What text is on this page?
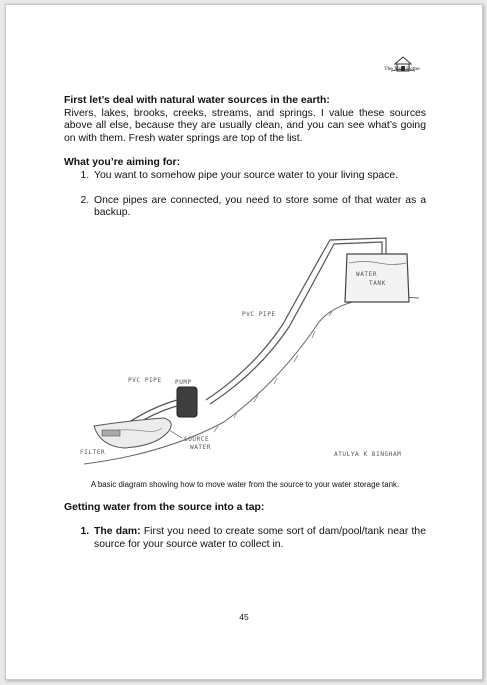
The Mud Home

First let’s deal with natural water sources in the earth:

Rivers, lakes, brooks, creeks, streams, and springs. I value these sources above all else, because they are usually clean, and you can see what’s going on with them. Fresh water springs are top of the list.

What you’re aiming for:

1. You want to somehow pipe your source water to your living space.
2. Once pipes are connected, you need to store some of that water as a backup.
WATER
TANK
PVC PIPE
PUMP
PVC PIPE
SOURCE
WATER
FILTER	ATULYA K BINGHAM
A basic diagram showing how to move water from the source to your water storage tank.

Getting water from the source into a tap:

1. The dam: First you need to create some sort of dam/pool/tank near the source for your source water to collect in.
45
